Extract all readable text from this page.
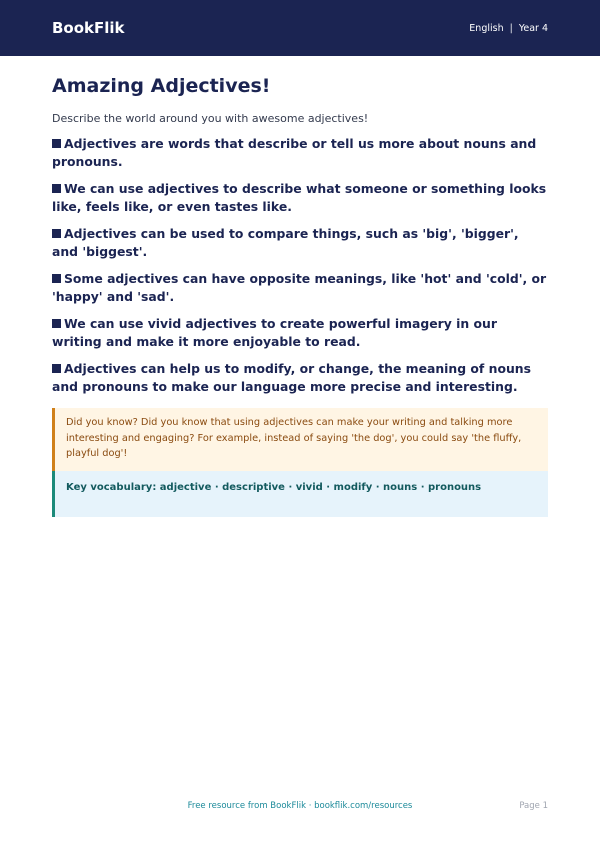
BookFlik	English | Year 4
Amazing Adjectives!

Describe the world around you with awesome adjectives!

Adjectives are words that describe or tell us more about nouns and pronouns.
We can use adjectives to describe what someone or something looks like, feels like, or even tastes like.
Adjectives can be used to compare things, such as 'big', 'bigger', and 'biggest'.
Some adjectives can have opposite meanings, like 'hot' and 'cold', or 'happy' and 'sad'.
We can use vivid adjectives to create powerful imagery in our writing and make it more enjoyable to read.
Adjectives can help us to modify, or change, the meaning of nouns and pronouns to make our language more precise and interesting.
Did you know? Did you know that using adjectives can make your writing and talking more interesting and engaging? For example, instead of saying 'the dog', you could say 'the fluffy, playful dog'!
Key vocabulary: adjective · descriptive · vivid · modify · nouns · pronouns
Free resource from BookFlik · bookflik.com/resources	Page 1
